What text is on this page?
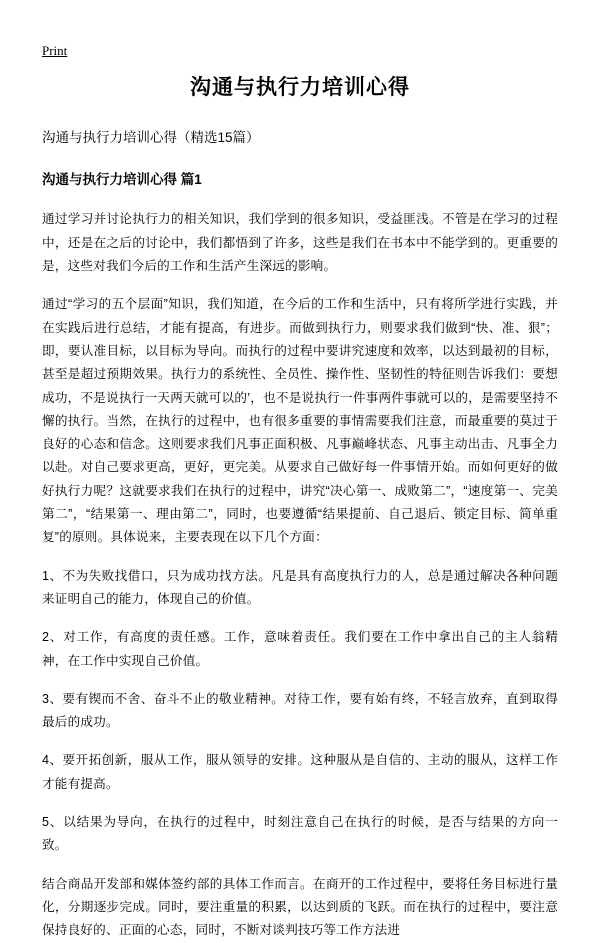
Print
沟通与执行力培训心得
沟通与执行力培训心得（精选15篇）
沟通与执行力培训心得 篇1

通过学习并讨论执行力的相关知识，我们学到的很多知识，受益匪浅。不管是在学习的过程中，还是在之后的讨论中，我们都悟到了许多，这些是我们在书本中不能学到的。更重要的是，这些对我们今后的工作和生活产生深远的影响。

通过“学习的五个层面”知识，我们知道，在今后的工作和生活中，只有将所学进行实践，并在实践后进行总结，才能有提高，有进步。而做到执行力，则要求我们做到“快、准、狠”；即，要认准目标，以目标为导向。而执行的过程中要讲究速度和效率，以达到最初的目标，甚至是超过预期效果。执行力的系统性、全员性、操作性、坚韧性的特征则告诉我们：要想成功，不是说执行一天两天就可以的’，也不是说执行一件事两件事就可以的，是需要坚持不懈的执行。当然，在执行的过程中，也有很多重要的事情需要我们注意，而最重要的莫过于良好的心态和信念。这则要求我们凡事正面积极、凡事巅峰状态、凡事主动出击、凡事全力以赴。对自己要求更高，更好，更完美。从要求自己做好每一件事情开始。而如何更好的做好执行力呢？这就要求我们在执行的过程中，讲究“决心第一、成败第二”，“速度第一、完美第二”，“结果第一、理由第二”，同时，也要遵循“结果提前、自己退后、锁定目标、简单重复”的原则。具体说来，主要表现在以下几个方面：

1、不为失败找借口，只为成功找方法。凡是具有高度执行力的人，总是通过解决各种问题来证明自己的能力，体现自己的价值。

2、对工作，有高度的责任感。工作，意味着责任。我们要在工作中拿出自己的主人翁精神，在工作中实现自己价值。

3、要有锲而不舍、奋斗不止的敬业精神。对待工作，要有始有终，不轻言放弃，直到取得最后的成功。

4、要开拓创新，服从工作，服从领导的安排。这种服从是自信的、主动的服从，这样工作才能有提高。

5、以结果为导向，在执行的过程中，时刻注意自己在执行的时候，是否与结果的方向一致。

结合商品开发部和媒体签约部的具体工作而言。在商开的工作过程中，要将任务目标进行量化，分期逐步完成。同时，要注重量的积累，以达到质的飞跃。而在执行的过程中，要注意保持良好的、正面的心态，同时，不断对谈判技巧等工作方法进
